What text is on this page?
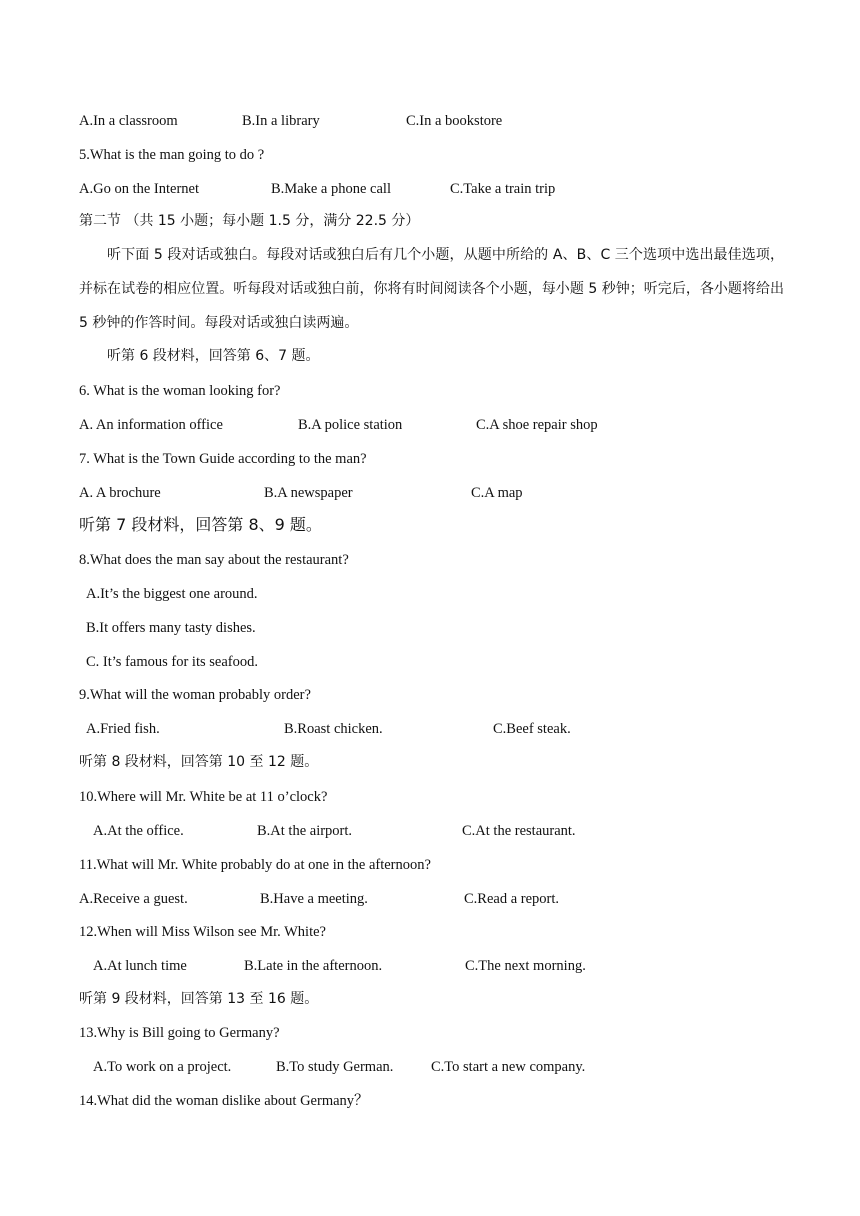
A.In a classroom	B.In a library	C.In a bookstore
5.What is the man going to do ?
A.Go on the Internet	B.Make a phone call	C.Take a train trip
第二节 （共 15 小题；每小题 1.5 分，满分 22.5 分）
听下面 5 段对话或独白。每段对话或独白后有几个小题，从题中所给的 A、B、C 三个选项中选出最佳选项，并标在试卷的相应位置。听每段对话或独白前，你将有时间阅读各个小题，每小题 5 秒钟；听完后，各小题将给出 5 秒钟的作答时间。每段对话或独白读两遍。
听第 6 段材料，回答第 6、7 题。
6. What is the woman looking for?
A. An information office	B.A police station	C.A shoe repair shop
7. What is the Town Guide according to the man?
A. A brochure	B.A newspaper	C.A map
听第 7 段材料，回答第 8、9 题。
8.What does the man say about the restaurant?
A.It’s the biggest one around.
B.It offers many tasty dishes.
C. It’s famous for its seafood.
9.What will the woman probably order?
A.Fried fish.	B.Roast chicken.	C.Beef steak.
听第 8 段材料，回答第 10 至 12 题。
10.Where will Mr. White be at 11 o’clock?
A.At the office.	B.At the airport.	C.At the restaurant.
11.What will Mr. White probably do at one in the afternoon?
A.Receive a guest.	B.Have a meeting.	C.Read a report.
12.When will Miss Wilson see Mr. White?
A.At lunch time	B.Late in the afternoon.	C.The next morning.
听第 9 段材料，回答第 13 至 16 题。
13.Why is Bill going to Germany?
A.To work on a project.	B.To study German.	C.To start a new company.
14.What did the woman dislike about Germany？
